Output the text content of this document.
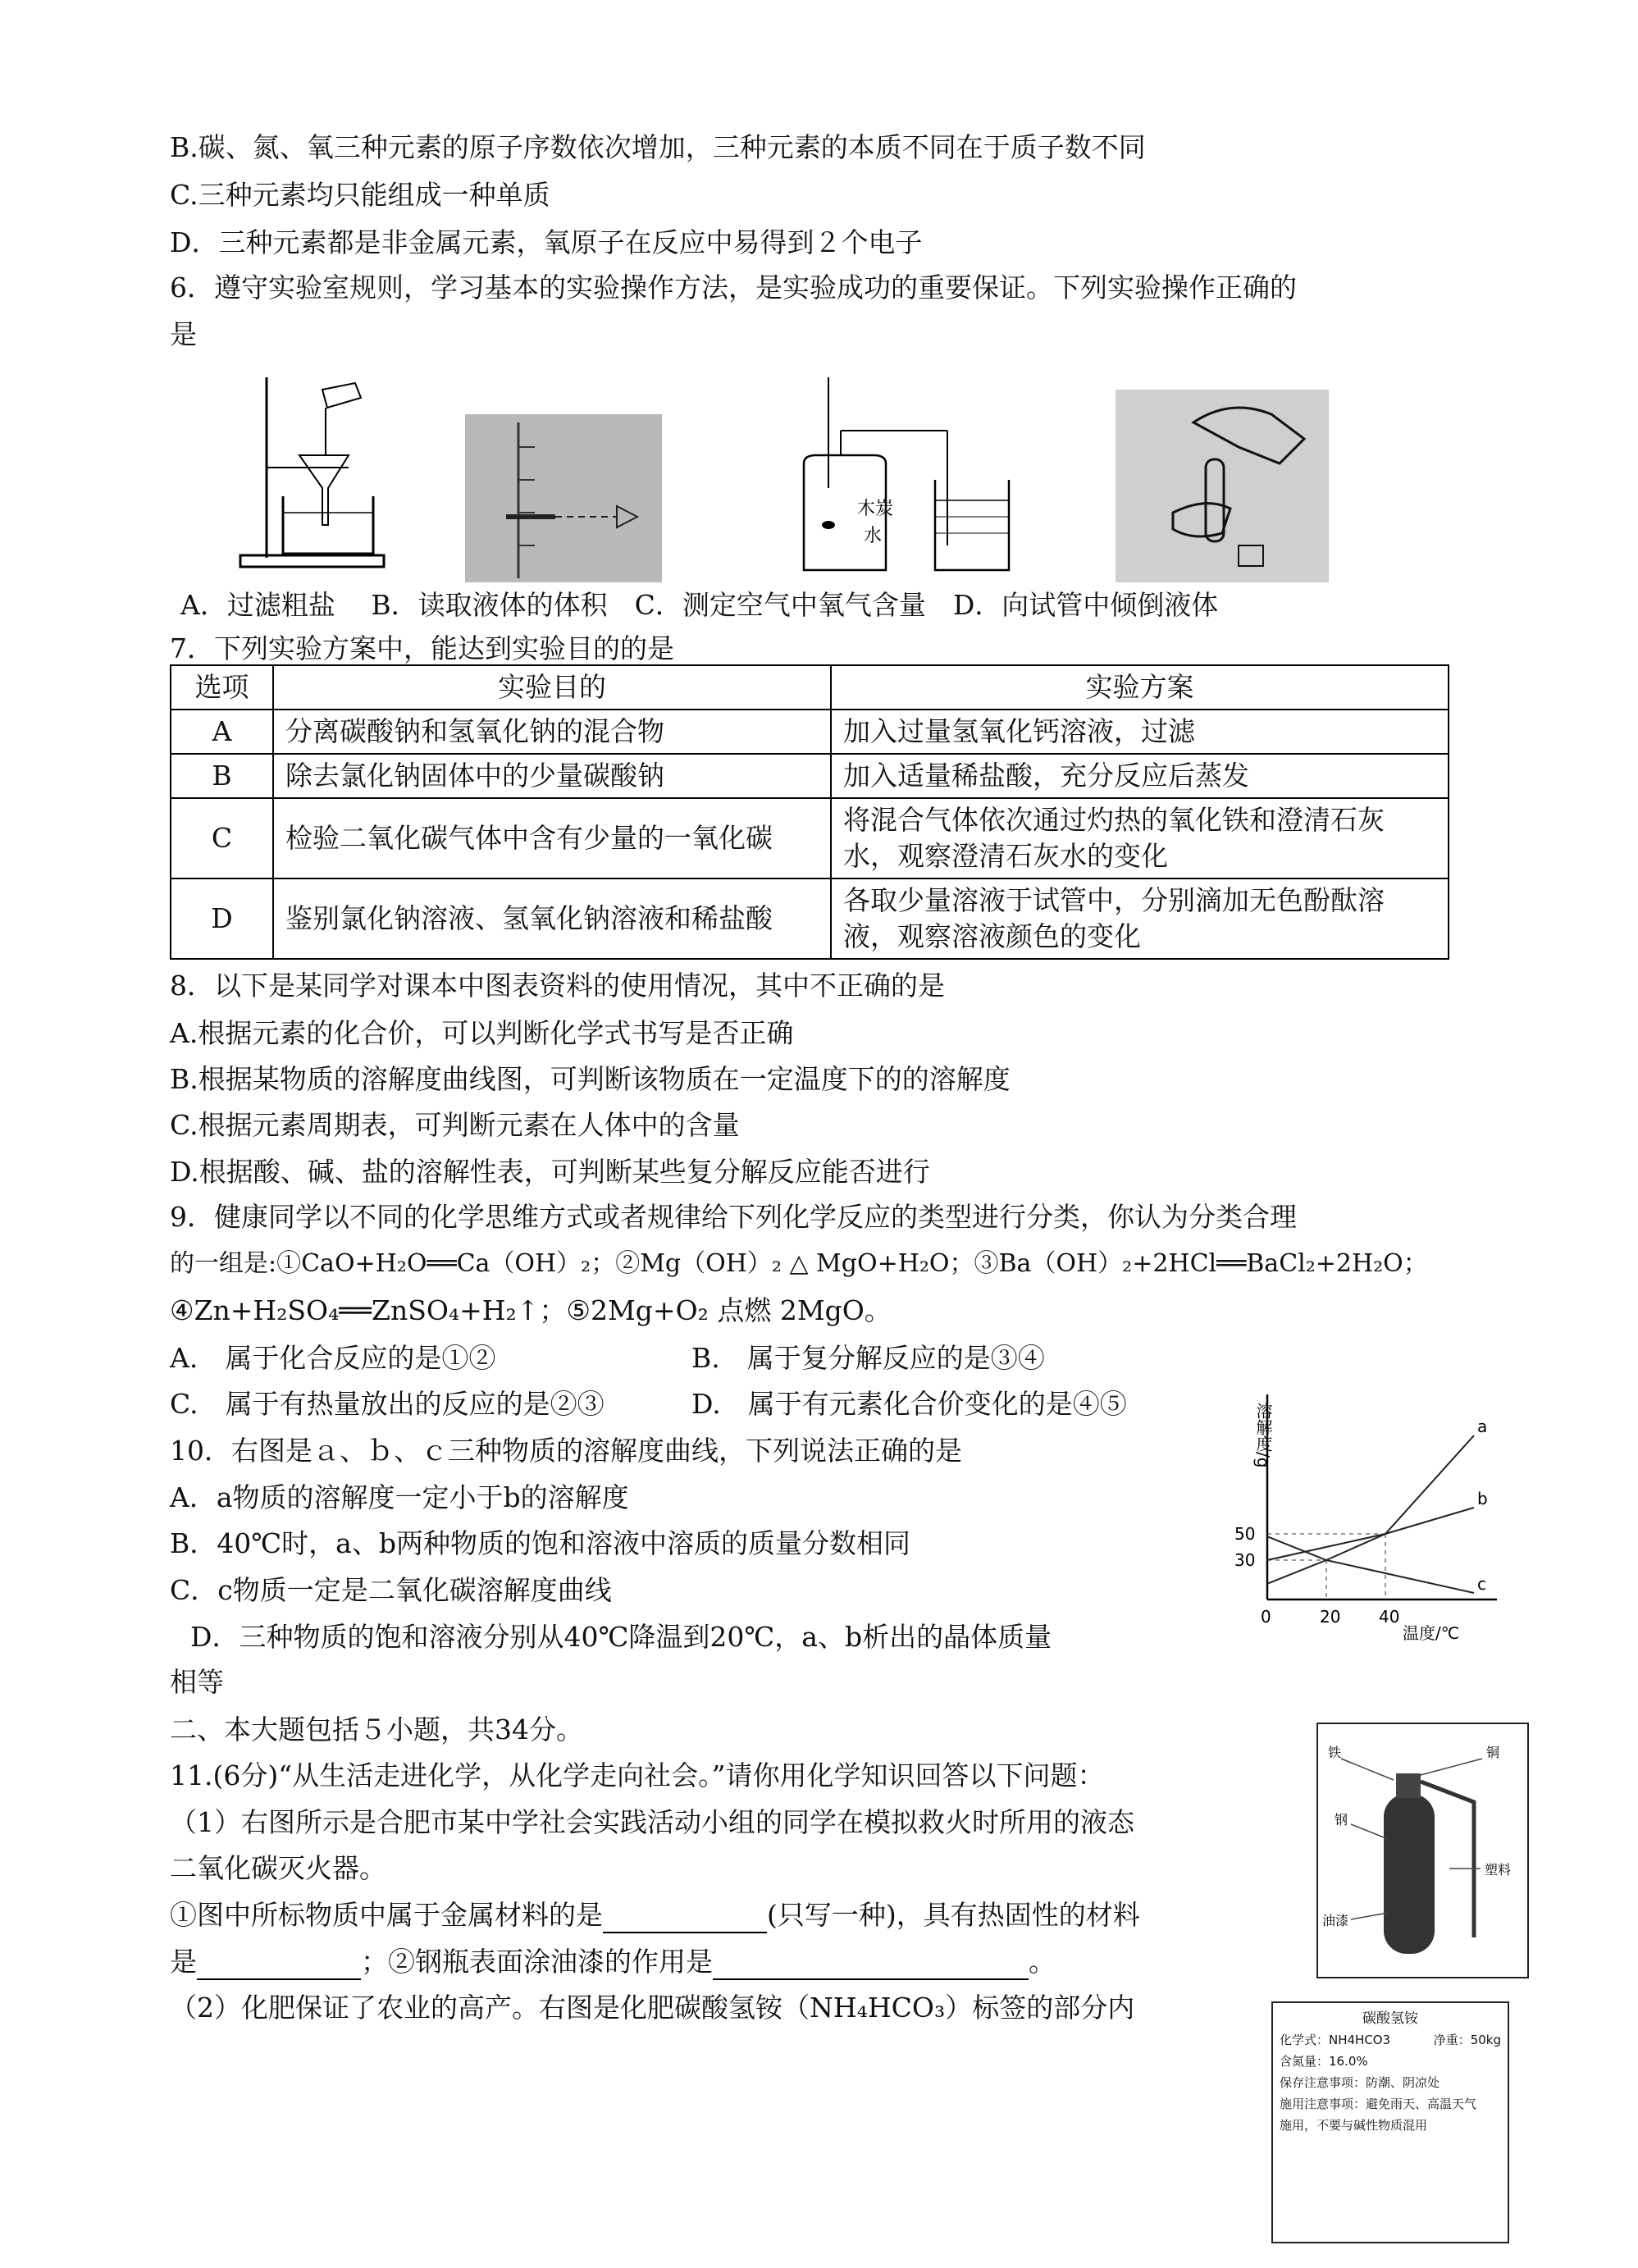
B.碳、氮、氧三种元素的原子序数依次增加，三种元素的本质不同在于质子数不同
C.三种元素均只能组成一种单质
D．三种元素都是非金属元素，氧原子在反应中易得到２个电子
6．遵守实验室规则，学习基本的实验操作方法，是实验成功的重要保证。下列实验操作正确的
是
木炭
水
A．过滤粗盐　 B．读取液体的体积　C．测定空气中氧气含量　D．向试管中倾倒液体
7．下列实验方案中，能达到实验目的的是
选项	实验目的	实验方案
A	分离碳酸钠和氢氧化钠的混合物	加入过量氢氧化钙溶液，过滤
B	除去氯化钠固体中的少量碳酸钠	加入适量稀盐酸，充分反应后蒸发
C	检验二氧化碳气体中含有少量的一氧化碳	将混合气体依次通过灼热的氧化铁和澄清石灰水，观察澄清石灰水的变化
D	鉴别氯化钠溶液、氢氧化钠溶液和稀盐酸	各取少量溶液于试管中，分别滴加无色酚酞溶液，观察溶液颜色的变化
8．以下是某同学对课本中图表资料的使用情况，其中不正确的是
A.根据元素的化合价，可以判断化学式书写是否正确
B.根据某物质的溶解度曲线图，可判断该物质在一定温度下的的溶解度
C.根据元素周期表，可判断元素在人体中的含量
D.根据酸、碱、盐的溶解性表，可判断某些复分解反应能否进行
9．健康同学以不同的化学思维方式或者规律给下列化学反应的类型进行分类，你认为分类合理
的一组是:①CaO+H₂O══Ca（OH）₂；②Mg（OH）₂ △ MgO+H₂O；③Ba（OH）₂+2HCl══BaCl₂+2H₂O；
④Zn+H₂SO₄══ZnSO₄+H₂↑；⑤2Mg+O₂ 点燃 2MgO。
A.　属于化合反应的是①②	B.　属于复分解反应的是③④
C.　属于有热量放出的反应的是②③	D.　属于有元素化合价变化的是④⑤
10．右图是ａ、ｂ、ｃ三种物质的溶解度曲线，下列说法正确的是
A．a物质的溶解度一定小于b的溶解度
B．40℃时，a、b两种物质的饱和溶液中溶质的质量分数相同
C．c物质一定是二氧化碳溶解度曲线
D．三种物质的饱和溶液分别从40℃降温到20℃，a、b析出的晶体质量
相等
a
b
c
0	20 40
30
50
溶解度/g
温度/℃
二、本大题包括５小题，共34分。
11.(6分)“从生活走进化学，从化学走向社会。”请你用化学知识回答以下问题：
（1）右图所示是合肥市某中学社会实践活动小组的同学在模拟救火时所用的液态
二氧化碳灭火器。
①图中所标物质中属于金属材料的是	(只写一种)，具有热固性的材料
是	；②钢瓶表面涂油漆的作用是	。
（2）化肥保证了农业的高产。右图是化肥碳酸氢铵（NH₄HCO₃）标签的部分内
铁	铜
钢
塑料
油漆
碳酸氢铵
化学式：NH4HCO3	净重：50kg
含氮量：16.0%
保存注意事项：防潮、阴凉处
施用注意事项：避免雨天、高温天气
施用，不要与碱性物质混用
